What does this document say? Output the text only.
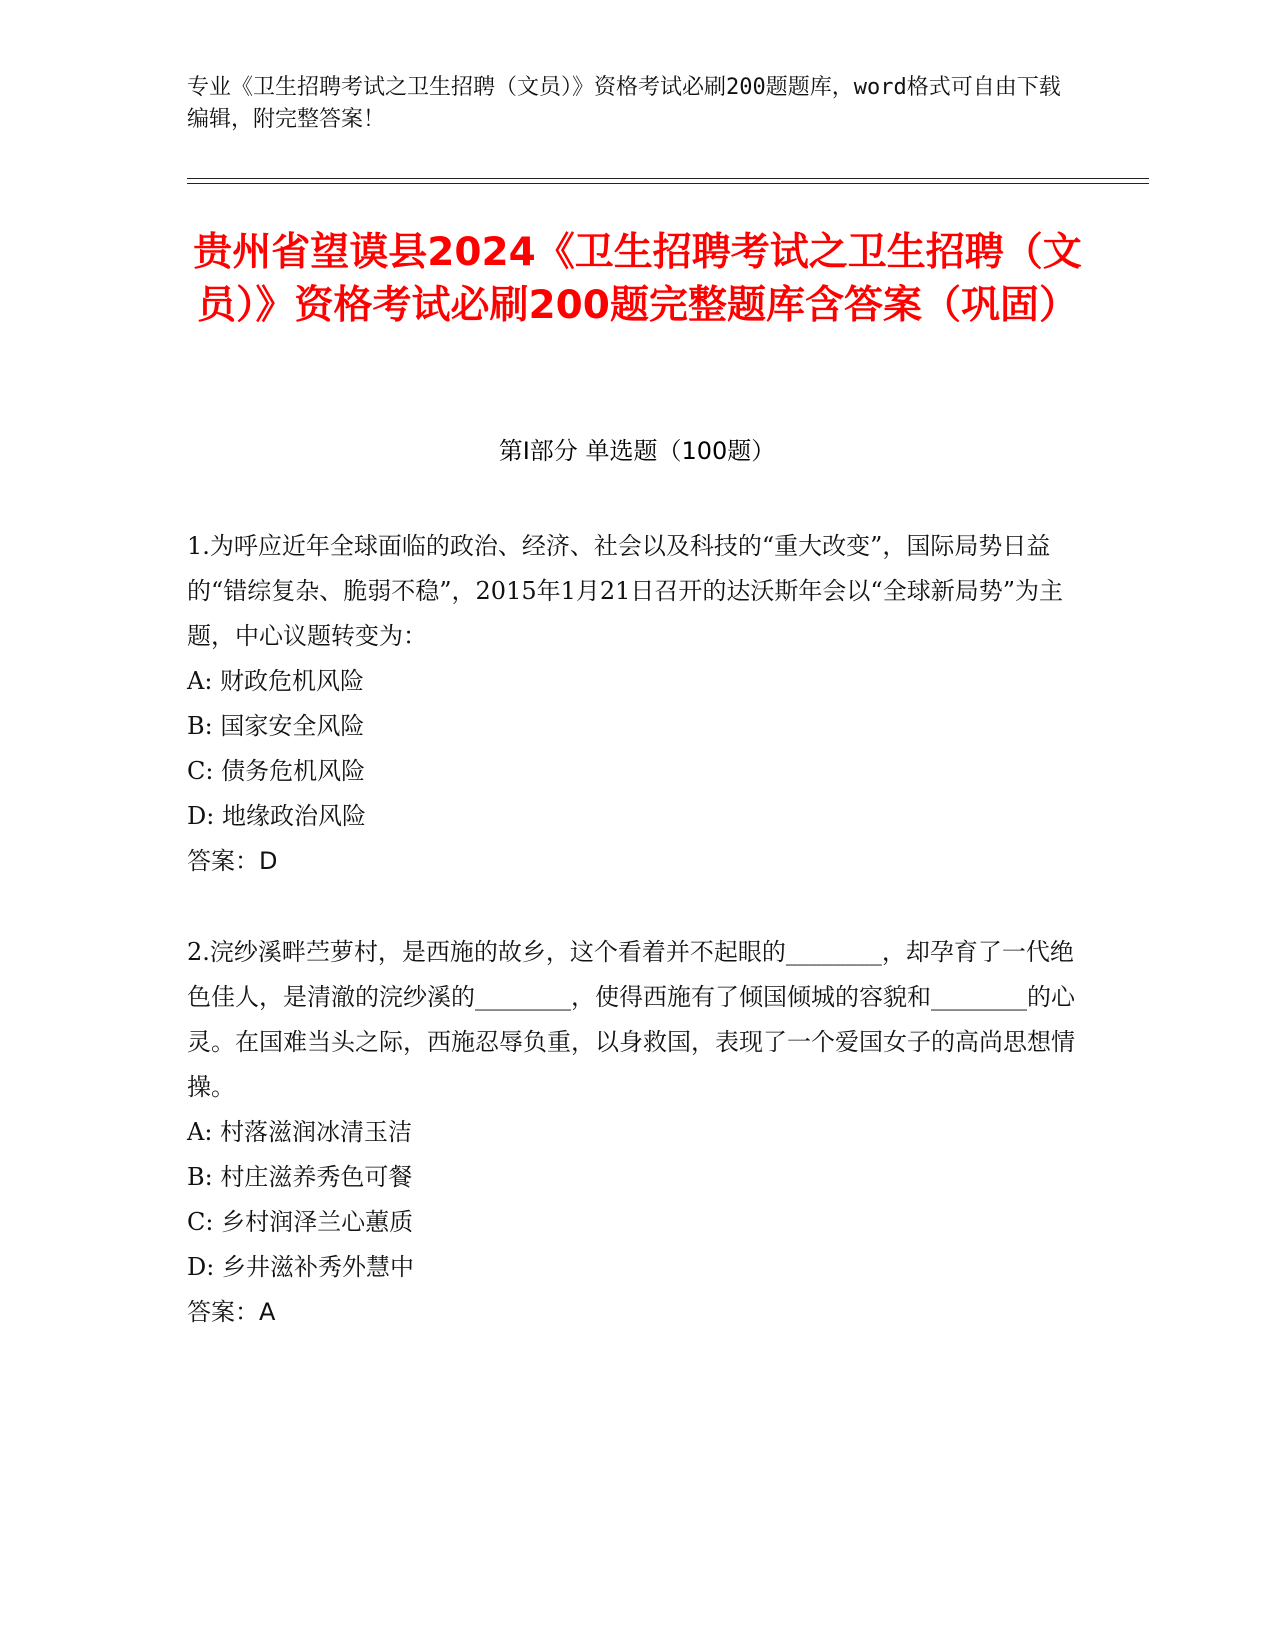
专业《卫生招聘考试之卫生招聘（文员）》资格考试必刷200题题库，word格式可自由下载编辑，附完整答案！
贵州省望谟县2024《卫生招聘考试之卫生招聘（文员）》资格考试必刷200题完整题库含答案（巩固）
第I部分 单选题（100题）

1.为呼应近年全球面临的政治、经济、社会以及科技的“重大改变”，国际局势日益的“错综复杂、脆弱不稳”，2015年1月21日召开的达沃斯年会以“全球新局势”为主题，中心议题转变为：

A: 财政危机风险

B: 国家安全风险

C: 债务危机风险

D: 地缘政治风险

答案：D

2.浣纱溪畔苎萝村，是西施的故乡，这个看着并不起眼的________，却孕育了一代绝色佳人，是清澈的浣纱溪的________，使得西施有了倾国倾城的容貌和________的心灵。在国难当头之际，西施忍辱负重，以身救国，表现了一个爱国女子的高尚思想情操。

A: 村落滋润冰清玉洁

B: 村庄滋养秀色可餐

C: 乡村润泽兰心蕙质

D: 乡井滋补秀外慧中

答案：A
